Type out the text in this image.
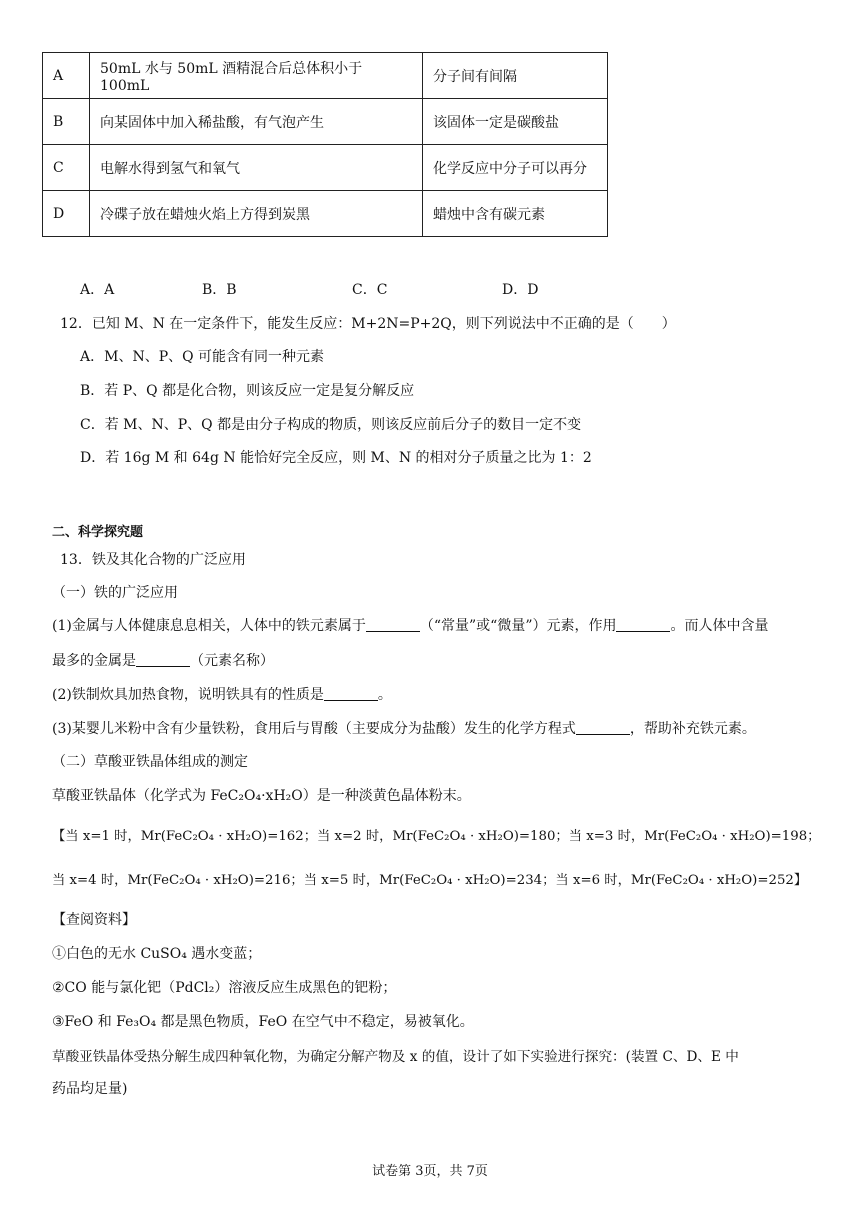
A	50mL 水与 50mL 酒精混合后总体积小于 100mL	分子间有间隔
B	向某固体中加入稀盐酸，有气泡产生	该固体一定是碳酸盐
C	电解水得到氢气和氧气	化学反应中分子可以再分
D	冷碟子放在蜡烛火焰上方得到炭黑	蜡烛中含有碳元素
A．A	B．B	C．C	D．D
12．已知 M、N 在一定条件下，能发生反应：M+2N=P+2Q，则下列说法中不正确的是（　　）
A．M、N、P、Q 可能含有同一种元素
B．若 P、Q 都是化合物，则该反应一定是复分解反应
C．若 M、N、P、Q 都是由分子构成的物质，则该反应前后分子的数目一定不变
D．若 16g M 和 64g N 能恰好完全反应，则 M、N 的相对分子质量之比为 1：2
二、科学探究题
13．铁及其化合物的广泛应用
（一）铁的广泛应用
(1)金属与人体健康息息相关，人体中的铁元素属于	（“常量”或“微量”）元素，作用	。而人体中含量
最多的金属是	（元素名称）
(2)铁制炊具加热食物，说明铁具有的性质是	。
(3)某婴儿米粉中含有少量铁粉，食用后与胃酸（主要成分为盐酸）发生的化学方程式	，帮助补充铁元素。
（二）草酸亚铁晶体组成的测定
草酸亚铁晶体（化学式为 FeC₂O₄·xH₂O）是一种淡黄色晶体粉末。
【当 x=1 时，Mr(FeC₂O₄ · xH₂O)=162；当 x=2 时，Mr(FeC₂O₄ · xH₂O)=180；当 x=3 时，Mr(FeC₂O₄ · xH₂O)=198；
当 x=4 时，Mr(FeC₂O₄ · xH₂O)=216；当 x=5 时，Mr(FeC₂O₄ · xH₂O)=234；当 x=6 时，Mr(FeC₂O₄ · xH₂O)=252】
【查阅资料】
①白色的无水 CuSO₄ 遇水变蓝；
②CO 能与氯化钯（PdCl₂）溶液反应生成黑色的钯粉；
③FeO 和 Fe₃O₄ 都是黑色物质，FeO 在空气中不稳定，易被氧化。
草酸亚铁晶体受热分解生成四种氧化物，为确定分解产物及 x 的值，设计了如下实验进行探究：(装置 C、D、E 中
药品均足量)
试卷第 3页，共 7页
